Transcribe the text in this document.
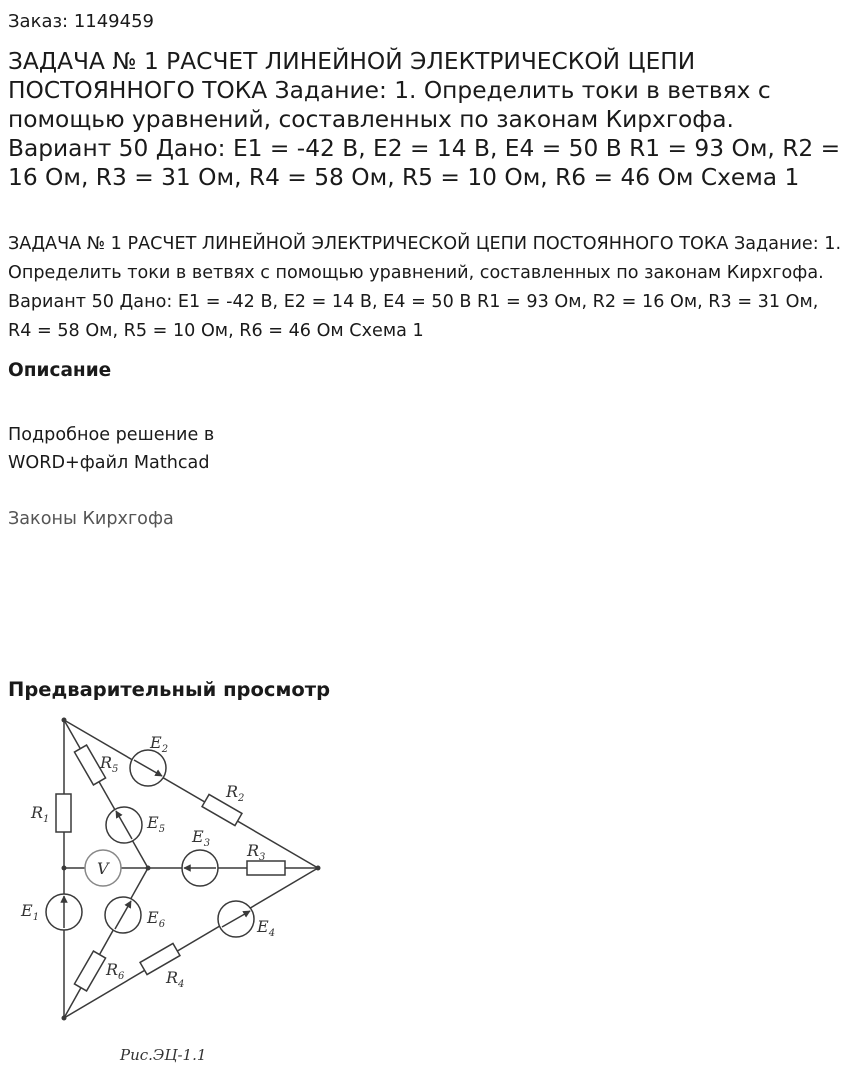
Заказ: 1149459
ЗАДАЧА № 1 РАСЧЕТ ЛИНЕЙНОЙ ЭЛЕКТРИЧЕСКОЙ ЦЕПИ ПОСТОЯННОГО ТОКА Задание: 1. Определить токи в ветвях с помощью уравнений, составленных по законам Кирхгофа. Вариант 50 Дано: E1 = -42 В, E2 = 14 В, E4 = 50 В R1 = 93 Ом, R2 = 16 Ом, R3 = 31 Ом, R4 = 58 Ом, R5 = 10 Ом, R6 = 46 Ом Схема 1

ЗАДАЧА № 1 РАСЧЕТ ЛИНЕЙНОЙ ЭЛЕКТРИЧЕСКОЙ ЦЕПИ ПОСТОЯННОГО ТОКА Задание: 1. Определить токи в ветвях с помощью уравнений, составленных по законам Кирхгофа. Вариант 50 Дано: E1 = -42 В, E2 = 14 В, E4 = 50 В R1 = 93 Ом, R2 = 16 Ом, R3 = 31 Ом, R4 = 58 Ом, R5 = 10 Ом, R6 = 46 Ом Схема 1

Описание

Подробное решение в WORD+файл Mathcad

Законы Кирхгофа
Предварительный просмотр
V
$R_1$
$R_2$
$R_3$
$R_4$
$R_5$
$R_6$
$E_1$
$E_2$
$E_3$
$E_4$
$E_5$
$E_6$
Рис.ЭЦ-1.1
